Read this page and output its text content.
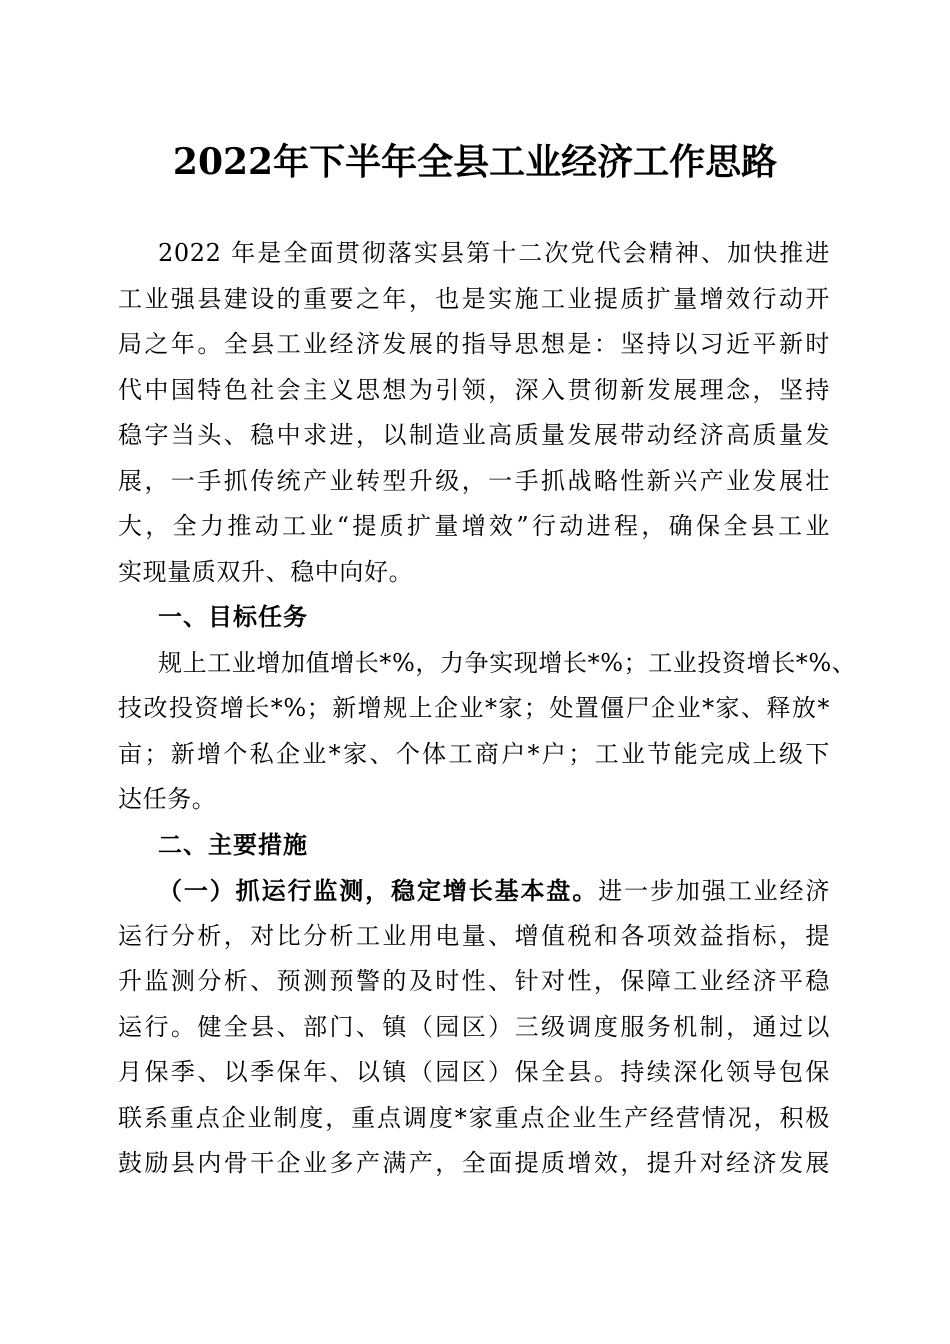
2022年下半年全县工业经济工作思路
2022 年是全面贯彻落实县第十二次党代会精神、加快推进
工业强县建设的重要之年，也是实施工业提质扩量增效行动开
局之年。全县工业经济发展的指导思想是：坚持以习近平新时
代中国特色社会主义思想为引领，深入贯彻新发展理念，坚持
稳字当头、稳中求进，以制造业高质量发展带动经济高质量发
展，一手抓传统产业转型升级，一手抓战略性新兴产业发展壮
大，全力推动工业“提质扩量增效”行动进程，确保全县工业
实现量质双升、稳中向好。
一、目标任务
规上工业增加值增长*%，力争实现增长*%；工业投资增长*%、
技改投资增长*%；新增规上企业*家；处置僵尸企业*家、释放*
亩；新增个私企业*家、个体工商户*户；工业节能完成上级下
达任务。
二、主要措施
（一）抓运行监测，稳定增长基本盘。进一步加强工业经济
运行分析，对比分析工业用电量、增值税和各项效益指标，提
升监测分析、预测预警的及时性、针对性，保障工业经济平稳
运行。健全县、部门、镇（园区）三级调度服务机制，通过以
月保季、以季保年、以镇（园区）保全县。持续深化领导包保
联系重点企业制度，重点调度*家重点企业生产经营情况，积极
鼓励县内骨干企业多产满产，全面提质增效，提升对经济发展
